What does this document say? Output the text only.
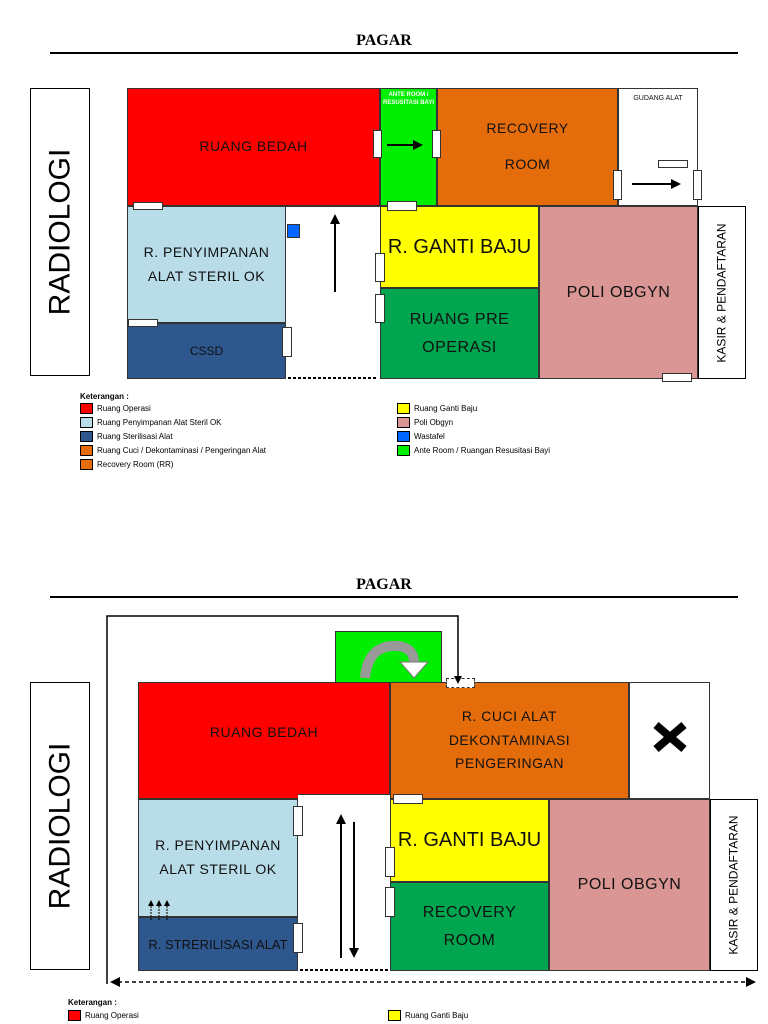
PAGAR
RADIOLOGI
RUANG BEDAH
ANTE ROOM / RESUSITASI BAYI
RECOVERY
ROOM
GUDANG ALAT
R. PENYIMPANAN
ALAT STERIL OK
CSSD
R. GANTI BAJU
RUANG PRE
OPERASI
POLI OBGYN	KASIR & PENDAFTARAN
Keterangan :
Ruang Operasi
Ruang Penyimpanan Alat Steril OK
Ruang Sterilisasi Alat
Ruang Cuci / Dekontaminasi / Pengeringan Alat
Recovery Room (RR)
Ruang Ganti Baju
Poli Obgyn
Wastafel
Ante Room / Ruangan Resusitasi Bayi
PAGAR
RADIOLOGI
RUANG BEDAH
R. CUCI ALAT
DEKONTAMINASI
PENGERINGAN
R. PENYIMPANAN
ALAT STERIL OK
R. STRERILISASI ALAT
R. GANTI BAJU
RECOVERY
ROOM
POLI OBGYN	KASIR & PENDAFTARAN
Keterangan :
Ruang Operasi	Ruang Ganti Baju
